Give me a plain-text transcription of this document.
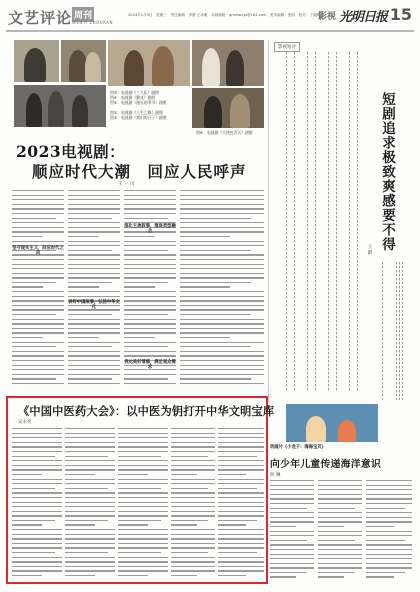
文艺评论 周刊
WENYI ZHOUKAN
2024年1月3日　星期三　责任编辑：李蕾 王冰雅　本版邮箱：gmrbwypl@163.com　美术编辑：张丽　校对：丁丽虹
影视 光明日报 15
图③：电视剧《三大队》剧照
图④：电视剧《繁花》剧照
图⑤：电视剧《漫长的季节》剧照
图①：电视剧《人生之路》剧照
图②：电视剧《我们的日子》剧照
图⑥：电视剧《大侠包青天》剧照
2023电视剧：
顺应时代大潮　回应人民呼声
王 一 川
坚守现实主义，回应时代之问
讲好中国故事，弘扬中华文化
深化主流叙事，推进类型融合
表达美好情感，满足观众需求
影视短评
短剧追求极致爽感要不得
王 蔚
动画片《小龙子：海海宝贝》
向少年儿童传递海洋意识
何 琳
《中国中医药大会》：以中医为钥打开中华文明宝库
吴永亮
